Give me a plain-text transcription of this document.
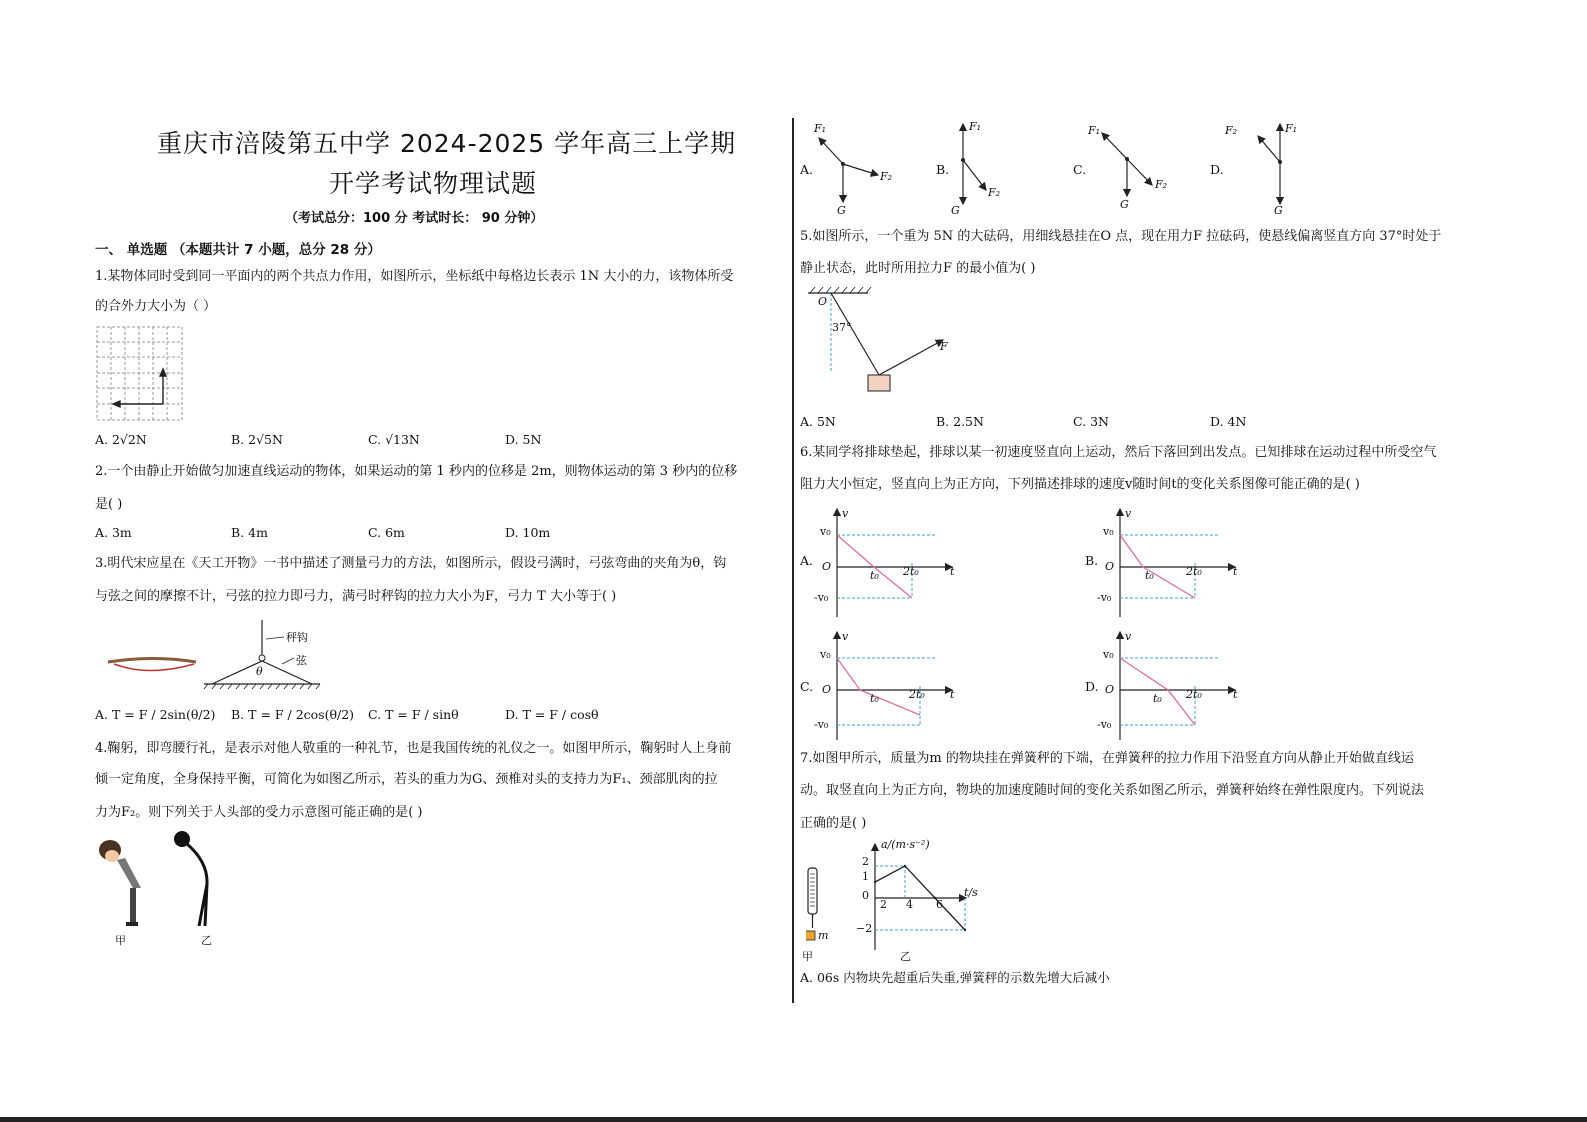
重庆市涪陵第五中学 2024-2025 学年高三上学期
开学考试物理试题
（考试总分：100 分 考试时长： 90 分钟）
一、 单选题 （本题共计 7 小题，总分 28 分）
1.某物体同时受到同一平面内的两个共点力作用，如图所示，坐标纸中每格边长表示 1N 大小的力，该物体所受
的合外力大小为（ ）
A. 2√2N	B. 2√5N	C. √13N	D. 5N
2.一个由静止开始做匀加速直线运动的物体，如果运动的第 1 秒内的位移是 2m，则物体运动的第 3 秒内的位移
是( )
A. 3m	B. 4m	C. 6m	D. 10m
3.明代宋应星在《天工开物》一书中描述了测量弓力的方法，如图所示，假设弓满时，弓弦弯曲的夹角为θ，钩
与弦之间的摩擦不计，弓弦的拉力即弓力，满弓时秤钩的拉力大小为F，弓力 T 大小等于( )
秤钩
弦
θ
A. T = F / 2sin(θ/2) B. T = F / 2cos(θ/2) C. T = F / sinθ	D. T = F / cosθ
4.鞠躬，即弯腰行礼，是表示对他人敬重的一种礼节，也是我国传统的礼仪之一。如图甲所示，鞠躬时人上身前
倾一定角度，全身保持平衡，可简化为如图乙所示，若头的重力为G、颈椎对头的支持力为F₁、颈部肌肉的拉
力为F₂。则下列关于人头部的受力示意图可能正确的是( )
甲	乙
A.
F₁
F₂
G
B.
F₁
F₂
G
C.
F₁
F₂
G
D.
F₂	F₁
G
5.如图所示，一个重为 5N 的大砝码，用细线悬挂在O 点，现在用力F 拉砝码，使悬线偏离竖直方向 37°时处于
静止状态，此时所用拉力F 的最小值为( )
O
37°
F
A. 5N	B. 2.5N	C. 3N	D. 4N
6.某同学将排球垫起，排球以某一初速度竖直向上运动，然后下落回到出发点。已知排球在运动过程中所受空气
阻力大小恒定，竖直向上为正方向，下列描述排球的速度v随时间t的变化关系图像可能正确的是( )
A.
v₀
v
O
t₀ 2t₀	t
-v₀
B.
v₀
v
O
t₀	2t₀	t
-v₀
C.
v₀
v
O
t₀	2t₀ t
-v₀
D.
v₀
v
O
t₀ 2t₀	t
-v₀
7.如图甲所示，质量为m 的物块挂在弹簧秤的下端，在弹簧秤的拉力作用下沿竖直方向从静止开始做直线运
动。取竖直向上为正方向，物块的加速度随时间的变化关系如图乙所示，弹簧秤始终在弹性限度内。下列说法
正确的是( )
m
a/(m·s⁻²)
t/s
2
1
0
−2
2 4 6
甲	乙
A. 06s 内物块先超重后失重,弹簧秤的示数先增大后减小
